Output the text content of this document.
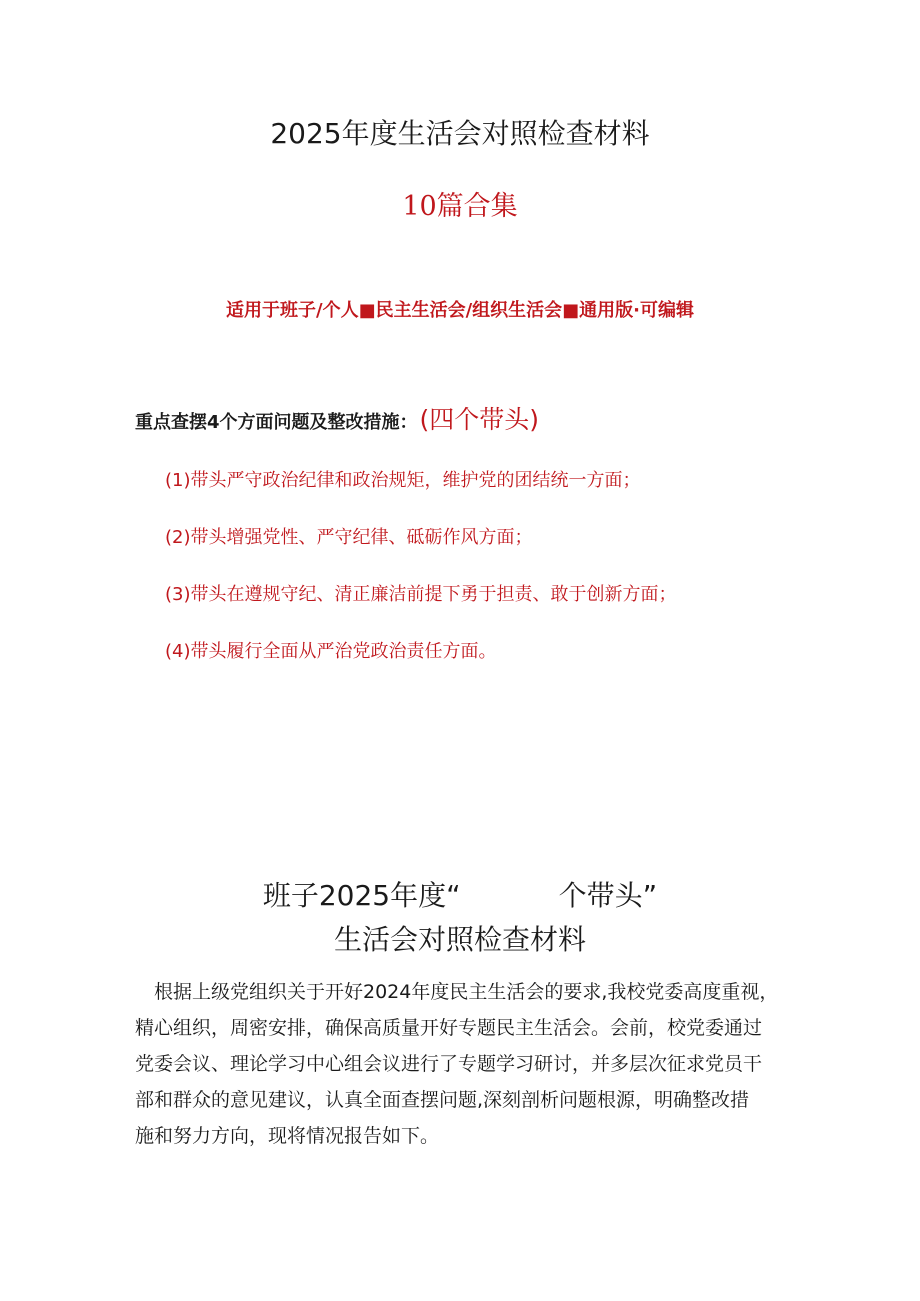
2025年度生活会对照检查材料
10篇合集
适用于班子/个人■民主生活会/组织生活会■通用版·可编辑
重点查摆4个方面问题及整改措施： (四个带头)
(1)带头严守政治纪律和政治规矩，维护党的团结统一方面；
(2)带头增强党性、严守纪律、砥砺作风方面；
(3)带头在遵规守纪、清正廉洁前提下勇于担责、敢于创新方面；
(4)带头履行全面从严治党政治责任方面。
班子2025年度“	个带头”
生活会对照检查材料
根据上级党组织关于开好2024年度民主生活会的要求,我校党委高度重视，
精心组织，周密安排，确保高质量开好专题民主生活会。会前，校党委通过
党委会议、理论学习中心组会议进行了专题学习研讨，并多层次征求党员干
部和群众的意见建议，认真全面查摆问题,深刻剖析问题根源，明确整改措
施和努力方向，现将情况报告如下。
